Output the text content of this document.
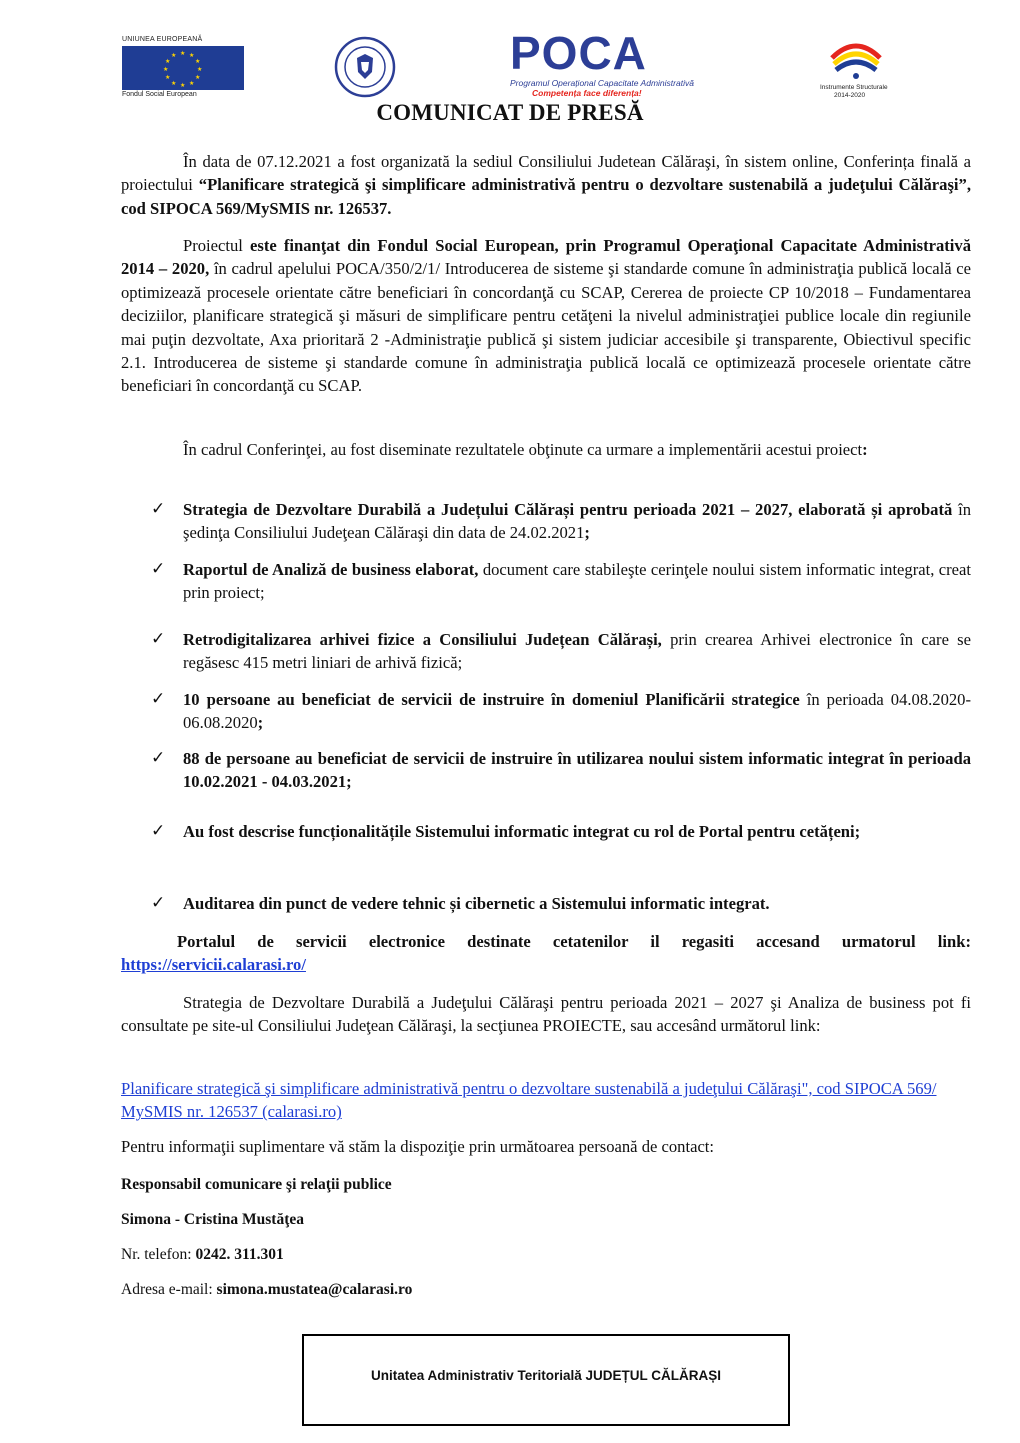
UNIUNEA EUROPEANĂ
★ ★
★
★
★
★
★
★
★
★
★
★
Fondul Social European
POCA
Programul Operațional Capacitate Administrativă
Competența face diferența!
Instrumente Structurale
2014-2020
COMUNICAT DE PRESĂ

În data de 07.12.2021 a fost organizată la sediul Consiliului Judetean Călăraşi, în sistem online, Conferința finală a proiectului “Planificare strategică şi simplificare administrativă pentru o dezvoltare sustenabilă a judeţului Călăraşi”, cod SIPOCA 569/MySMIS nr. 126537.

Proiectul este finanţat din Fondul Social European, prin Programul Operaţional Capacitate Administrativă 2014 – 2020, în cadrul apelului POCA/350/2/1/ Introducerea de sisteme şi standarde comune în administraţia publică locală ce optimizează procesele orientate către beneficiari în concordanţă cu SCAP, Cererea de proiecte CP 10/2018 – Fundamentarea deciziilor, planificare strategică şi măsuri de simplificare pentru cetăţeni la nivelul administraţiei publice locale din regiunile mai puţin dezvoltate, Axa prioritară 2 -Administraţie publică şi sistem judiciar accesibile şi transparente, Obiectivul specific 2.1. Introducerea de sisteme şi standarde comune în administraţia publică locală ce optimizează procesele orientate către beneficiari în concordanţă cu SCAP.

În cadrul Conferinţei, au fost diseminate rezultatele obţinute ca urmare a implementării acestui proiect:

✓	Strategia de Dezvoltare Durabilă a Județului Călărași pentru perioada 2021 – 2027, elaborată și aprobată în şedinţa Consiliului Judeţean Călăraşi din data de 24.02.2021;
✓	Raportul de Analiză de business elaborat, document care stabileşte cerinţele noului sistem informatic integrat, creat prin proiect;
✓	Retrodigitalizarea arhivei fizice a Consiliului Județean Călărași, prin crearea Arhivei electronice în care se regăsesc 415 metri liniari de arhivă fizică;
✓	10 persoane au beneficiat de servicii de instruire în domeniul Planificării strategice în perioada 04.08.2020-06.08.2020;
✓	88 de persoane au beneficiat de servicii de instruire în utilizarea noului sistem informatic integrat în perioada 10.02.2021 - 04.03.2021;
✓	Au fost descrise funcționalitățile Sistemului informatic integrat cu rol de Portal pentru cetățeni;
✓	Auditarea din punct de vedere tehnic și cibernetic a Sistemului informatic integrat.

Portalul de servicii electronice destinate cetatenilor il regasiti accesand urmatorul link: https://servicii.calarasi.ro/

Strategia de Dezvoltare Durabilă a Judeţului Călăraşi pentru perioada 2021 – 2027 şi Analiza de business pot fi consultate pe site-ul Consiliului Judeţean Călăraşi, la secţiunea PROIECTE, sau accesând următorul link:

Planificare strategică şi simplificare administrativă pentru o dezvoltare sustenabilă a judeţului Călăraşi", cod SIPOCA 569/ MySMIS nr. 126537 (calarasi.ro)
Pentru informaţii suplimentare vă stăm la dispoziţie prin următoarea persoană de contact:
Responsabil comunicare şi relaţii publice
Simona - Cristina Mustăţea
Nr. telefon: 0242. 311.301
Adresa e-mail: simona.mustatea@calarasi.ro
Unitatea Administrativ Teritorială JUDEȚUL CĂLĂRAȘI
